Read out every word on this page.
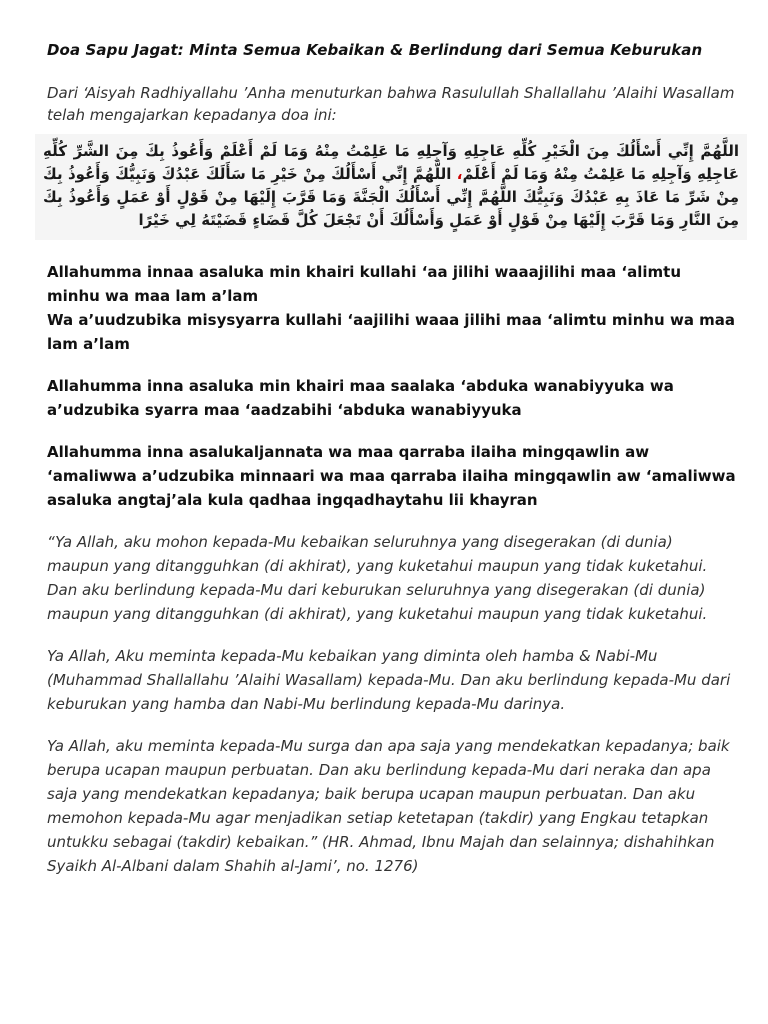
Doa Sapu Jagat: Minta Semua Kebaikan & Berlindung dari Semua Keburukan

Dari ‘Aisyah Radhiyallahu ’Anha menuturkan bahwa Rasulullah Shallallahu ’Alaihi Wasallam telah mengajarkan kepadanya doa ini:

اللَّهُمَّ إِنِّي أَسْأَلُكَ مِنَ الْخَيْرِ كُلِّهِ عَاجِلِهِ وَآجِلِهِ مَا عَلِمْتُ مِنْهُ وَمَا لَمْ أَعْلَمْ وَأَعُوذُ بِكَ مِنَ الشَّرِّ كُلِّهِ عَاجِلِهِ وَآجِلِهِ مَا عَلِمْتُ مِنْهُ وَمَا لَمْ أَعْلَمْ، اللَّهُمَّ إِنِّي أَسْأَلُكَ مِنْ خَيْرِ مَا سَأَلَكَ عَبْدُكَ وَنَبِيُّكَ وَأَعُوذُ بِكَ مِنْ شَرِّ مَا عَاذَ بِهِ عَبْدُكَ وَنَبِيُّكَ اللَّهُمَّ إِنِّي أَسْأَلُكَ الْجَنَّةَ وَمَا قَرَّبَ إِلَيْهَا مِنْ قَوْلٍ أَوْ عَمَلٍ وَأَعُوذُ بِكَ مِنَ النَّارِ وَمَا قَرَّبَ إِلَيْهَا مِنْ قَوْلٍ أَوْ عَمَلٍ وَأَسْأَلُكَ أَنْ تَجْعَلَ كُلَّ قَضَاءٍ قَضَيْتَهُ لِي خَيْرًا

Allahumma innaa asaluka min khairi kullahi ‘aa jilihi waaajilihi maa ‘alimtu minhu wa maa lam a’lam
Wa a’uudzubika misysyarra kullahi ‘aajilihi waaa jilihi maa ‘alimtu minhu wa maa lam a’lam
Allahumma inna asaluka min khairi maa saalaka ‘abduka wanabiyyuka wa a’udzubika syarra maa ‘aadzabihi ‘abduka wanabiyyuka
Allahumma inna asalukaljannata wa maa qarraba ilaiha mingqawlin aw ‘amaliwwa a’udzubika minnaari wa maa qarraba ilaiha mingqawlin aw ‘amaliwwa asaluka angtaj’ala kula qadhaa ingqadhaytahu lii khayran

“Ya Allah, aku mohon kepada-Mu kebaikan seluruhnya yang disegerakan (di dunia) maupun yang ditangguhkan (di akhirat), yang kuketahui maupun yang tidak kuketahui. Dan aku berlindung kepada-Mu dari keburukan seluruhnya yang disegerakan (di dunia) maupun yang ditangguhkan (di akhirat), yang kuketahui maupun yang tidak kuketahui.

Ya Allah, Aku meminta kepada-Mu kebaikan yang diminta oleh hamba & Nabi-Mu (Muhammad Shallallahu ’Alaihi Wasallam) kepada-Mu. Dan aku berlindung kepada-Mu dari keburukan yang hamba dan Nabi-Mu berlindung kepada-Mu darinya.

Ya Allah, aku meminta kepada-Mu surga dan apa saja yang mendekatkan kepadanya; baik berupa ucapan maupun perbuatan. Dan aku berlindung kepada-Mu dari neraka dan apa saja yang mendekatkan kepadanya; baik berupa ucapan maupun perbuatan. Dan aku memohon kepada-Mu agar menjadikan setiap ketetapan (takdir) yang Engkau tetapkan untukku sebagai (takdir) kebaikan.” (HR. Ahmad, Ibnu Majah dan selainnya; dishahihkan Syaikh Al-Albani dalam Shahih al-Jami’, no. 1276)
